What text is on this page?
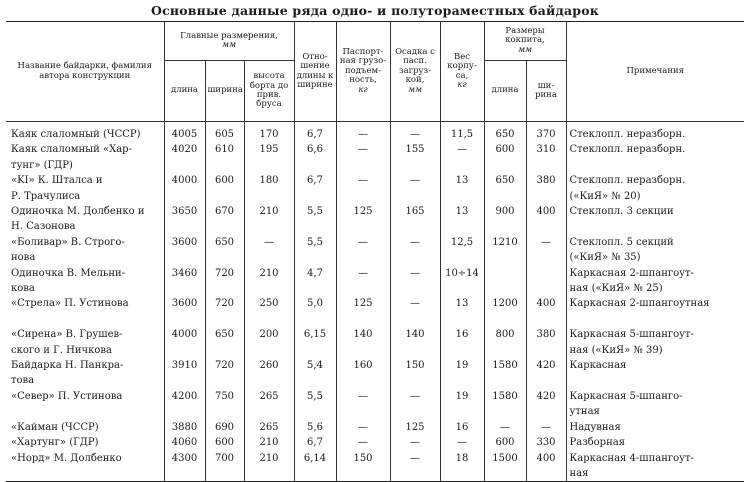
Основные данные ряда одно- и полутораместных байдарок
Название байдарки, фамилия автора конструкции	Главные размерения,
мм			Отношение длины к ширине	Паспортная грузоподъемность,
кг	Осадка с пасп. загрузкой,
мм	Вес корпуса,
кг	Размеры кокпита,
мм		Примечания
	длина	ширина	высота борта до прив. бруса					длина	ширина	
Каяк слаломный (ЧССР)	4005	605	170	6,7	—	—	11,5	650	370	Стеклопл. неразборн.
Каяк слаломный «Хар-	4020	610	195	6,6	—	155	—	600	310	Стеклопл. неразборн.
тунг» (ГДР)										
«KI» К. Шталса и	4000	600	180	6,7	—	—	13	650	380	Стеклопл. неразборн.
Р. Трачулиса										(«КиЯ» № 20)
Одиночка М. Долбенко и	3650	670	210	5,5	125	165	13	900	400	Стеклопл. 3 секции
Н. Сазонова										
«Боливар» В. Строго-	3600	650	—	5,5	—	—	12,5	1210	—	Стеклопл. 5 секций
нова										(«КиЯ» № 35)
Одиночка В. Мельни-	3460	720	210	4,7	—	—	10÷14			Каркасная 2-шпангоут-
кова										ная («КиЯ» № 25)
«Стрела» П. Устинова	3600	720	250	5,0	125	—	13	1200	400	Каркасная 2-шпангоутная

«Сирена» В. Грушев-	4000	650	200	6,15	140	140	16	800	380	Каркасная 5-шпангоут-
ского и Г. Ничкова										ная («КиЯ» № 39)
Байдарка Н. Панкра-	3910	720	260	5,4	160	150	19	1580	420	Каркасная
това										
«Север» П. Устинова	4200	750	265	5,5	—	—	19	1580	420	Каркасная 5-шпанго-
										утная
«Кайман (ЧССР)	3880	690	265	5,6	—	125	16	—	—	Надувная
«Хартунг» (ГДР)	4060	600	210	6,7	—	—	—	600	330	Разборная
«Норд» М. Долбенко	4300	700	210	6,14	150	—	18	1500	400	Каркасная 4-шпангоут-
										ная
